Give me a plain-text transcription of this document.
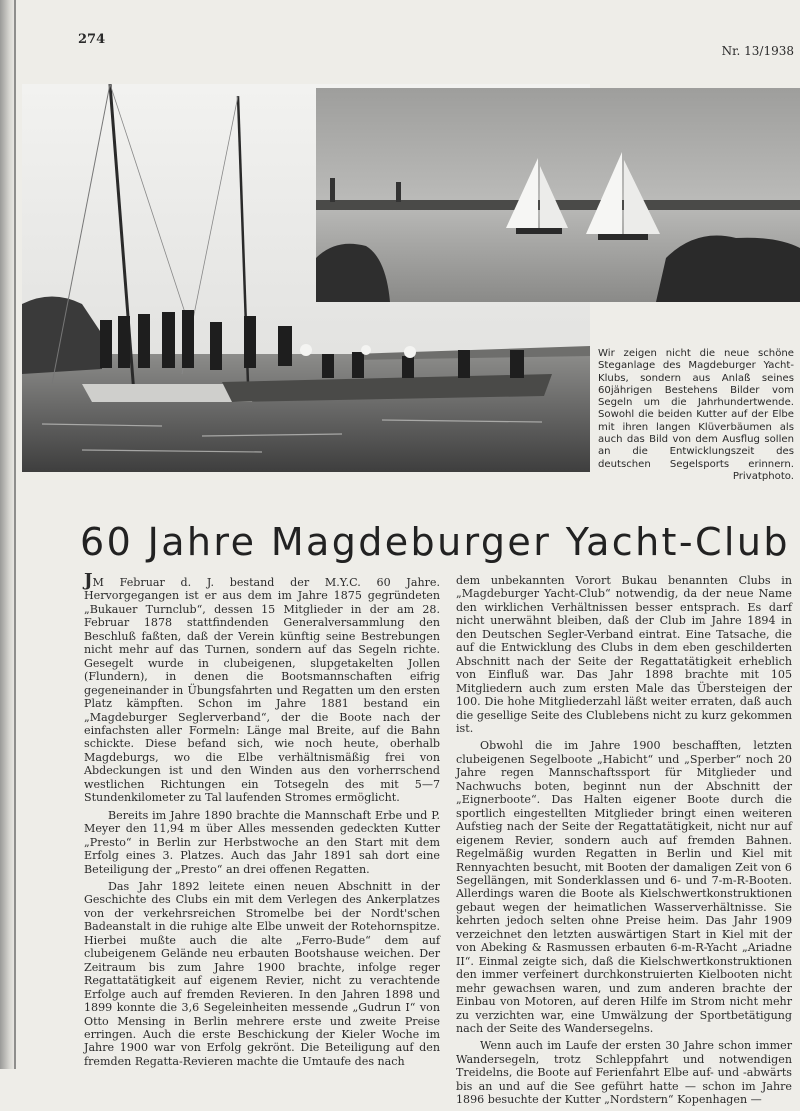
274
Nr. 13/1938
Wir zeigen nicht die neue schöne Steganlage des Magdeburger Yacht-Klubs, sondern aus Anlaß seines 60jährigen Bestehens Bilder vom Segeln um die Jahrhundertwende. Sowohl die beiden Kutter auf der Elbe mit ihren langen Klüverbäumen als auch das Bild von dem Ausflug sollen an die Entwicklungszeit des deutschen Segelsports erinnern.
Privatphoto.
60 Jahre Magdeburger Yacht-Club

JM Februar d. J. bestand der M.Y.C. 60 Jahre. Hervorgegangen ist er aus dem im Jahre 1875 gegründeten „Bukauer Turnclub“, dessen 15 Mitglieder in der am 28. Februar 1878 stattfindenden Generalversammlung den Beschluß faßten, daß der Verein künftig seine Bestrebungen nicht mehr auf das Turnen, sondern auf das Segeln richte. Gesegelt wurde in clubeigenen, slupgetakelten Jollen (Flundern), in denen die Bootsmannschaften eifrig gegeneinander in Übungsfahrten und Regatten um den ersten Platz kämpften. Schon im Jahre 1881 bestand ein „Magdeburger Seglerverband“, der die Boote nach der einfachsten aller Formeln: Länge mal Breite, auf die Bahn schickte. Diese befand sich, wie noch heute, oberhalb Magdeburgs, wo die Elbe verhältnismäßig frei von Abdeckungen ist und den Winden aus den vorherrschend westlichen Richtungen ein Totsegeln des mit 5—7 Stundenkilometer zu Tal laufenden Stromes ermöglicht.

Bereits im Jahre 1890 brachte die Mannschaft Erbe und P. Meyer den 11,94 m über Alles messenden gedeckten Kutter „Presto“ in Berlin zur Herbstwoche an den Start mit dem Erfolg eines 3. Platzes. Auch das Jahr 1891 sah dort eine Beteiligung der „Presto“ an drei offenen Regatten.

Das Jahr 1892 leitete einen neuen Abschnitt in der Geschichte des Clubs ein mit dem Verlegen des Ankerplatzes von der verkehrsreichen Stromelbe bei der Nordt'schen Badeanstalt in die ruhige alte Elbe unweit der Rotehornspitze. Hierbei mußte auch die alte „Ferro-Bude“ dem auf clubeigenem Gelände neu erbauten Bootshause weichen. Der Zeitraum bis zum Jahre 1900 brachte, infolge reger Regattatätigkeit auf eigenem Revier, nicht zu verachtende Erfolge auch auf fremden Revieren. In den Jahren 1898 und 1899 konnte die 3,6 Segeleinheiten messende „Gudrun I“ von Otto Mensing in Berlin mehrere erste und zweite Preise erringen. Auch die erste Beschickung der Kieler Woche im Jahre 1900 war von Erfolg gekrönt. Die Beteiligung auf den fremden Regatta-Revieren machte die Umtaufe des nach

dem unbekannten Vorort Bukau benannten Clubs in „Magdeburger Yacht-Club“ notwendig, da der neue Name den wirklichen Verhältnissen besser entsprach. Es darf nicht unerwähnt bleiben, daß der Club im Jahre 1894 in den Deutschen Segler-Verband eintrat. Eine Tatsache, die auf die Entwicklung des Clubs in dem eben geschilderten Abschnitt nach der Seite der Regattatätigkeit erheblich von Einfluß war. Das Jahr 1898 brachte mit 105 Mitgliedern auch zum ersten Male das Übersteigen der 100. Die hohe Mitgliederzahl läßt weiter erraten, daß auch die gesellige Seite des Clublebens nicht zu kurz gekommen ist.

Obwohl die im Jahre 1900 beschafften, letzten clubeigenen Segelboote „Habicht“ und „Sperber“ noch 20 Jahre regen Mannschaftssport für Mitglieder und Nachwuchs boten, beginnt nun der Abschnitt der „Eignerboote“. Das Halten eigener Boote durch die sportlich eingestellten Mitglieder bringt einen weiteren Aufstieg nach der Seite der Regattatätigkeit, nicht nur auf eigenem Revier, sondern auch auf fremden Bahnen. Regelmäßig wurden Regatten in Berlin und Kiel mit Rennyachten besucht, mit Booten der damaligen Zeit von 6 Segellängen, mit Sonderklassen und 6- und 7-m-R-Booten. Allerdings waren die Boote als Kielschwertkonstruktionen gebaut wegen der heimatlichen Wasserverhältnisse. Sie kehrten jedoch selten ohne Preise heim. Das Jahr 1909 verzeichnet den letzten auswärtigen Start in Kiel mit der von Abeking & Rasmussen erbauten 6-m-R-Yacht „Ariadne II“. Einmal zeigte sich, daß die Kielschwertkonstruktionen den immer verfeinert durchkonstruierten Kielbooten nicht mehr gewachsen waren, und zum anderen brachte der Einbau von Motoren, auf deren Hilfe im Strom nicht mehr zu verzichten war, eine Umwälzung der Sportbetätigung nach der Seite des Wandersegelns.

Wenn auch im Laufe der ersten 30 Jahre schon immer Wandersegeln, trotz Schleppfahrt und notwendigen Treidelns, die Boote auf Ferienfahrt Elbe auf- und -abwärts bis an und auf die See geführt hatte — schon im Jahre 1896 besuchte der Kutter „Nordstern“ Kopenhagen —
